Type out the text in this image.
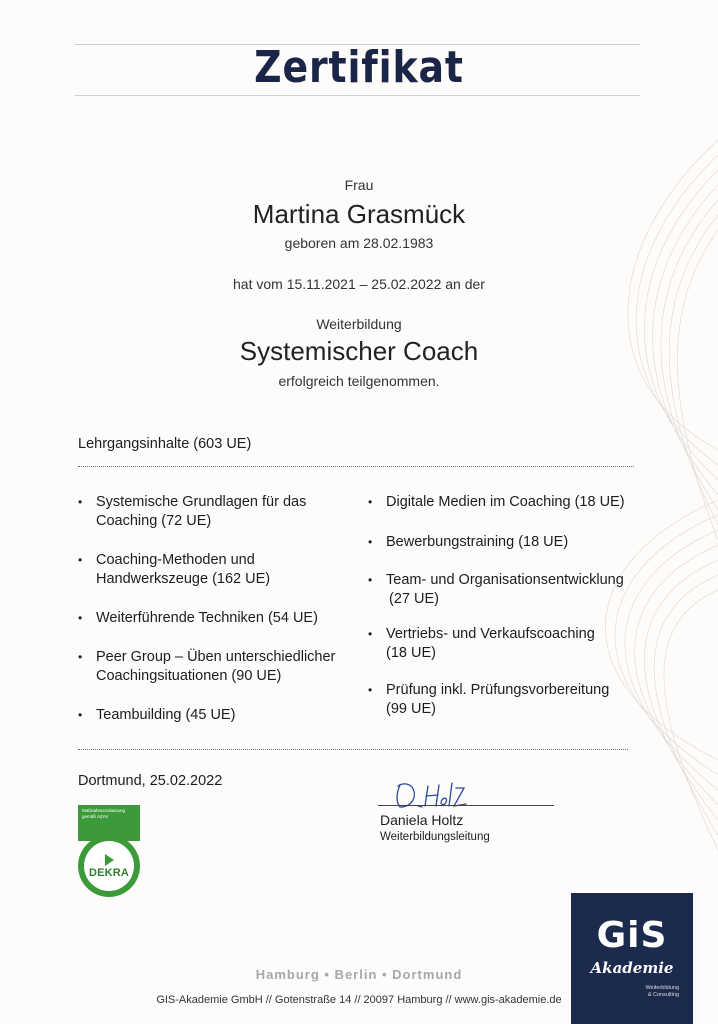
Zertifikat
Frau
Martina Grasmück
geboren am 28.02.1983
hat vom 15.11.2021 – 25.02.2022 an der
Weiterbildung
Systemischer Coach
erfolgreich teilgenommen.
Lehrgangsinhalte (603 UE)
• Systemische Grundlagen für das
Coaching (72 UE)
• Coaching-Methoden und
Handwerkszeuge (162 UE)
• Weiterführende Techniken (54 UE)
• Peer Group – Üben unterschiedlicher
Coachingsituationen (90 UE)
• Teambuilding (45 UE)
• Digitale Medien im Coaching (18 UE)
• Bewerbungstraining (18 UE)
• Team- und Organisationsentwicklung
(27 UE)
• Vertriebs- und Verkaufscoaching
(18 UE)
• Prüfung inkl. Prüfungsvorbereitung
(99 UE)
Dortmund, 25.02.2022
Maßnahmezulassung gemäß AZAV
DEKRA
zertifiziert
Daniela Holtz
Weiterbildungsleitung
GiS
Akademie
Weiterbildung
& Consulting
Hamburg • Berlin • Dortmund
GIS-Akademie GmbH // Gotenstraße 14 // 20097 Hamburg // www.gis-akademie.de
